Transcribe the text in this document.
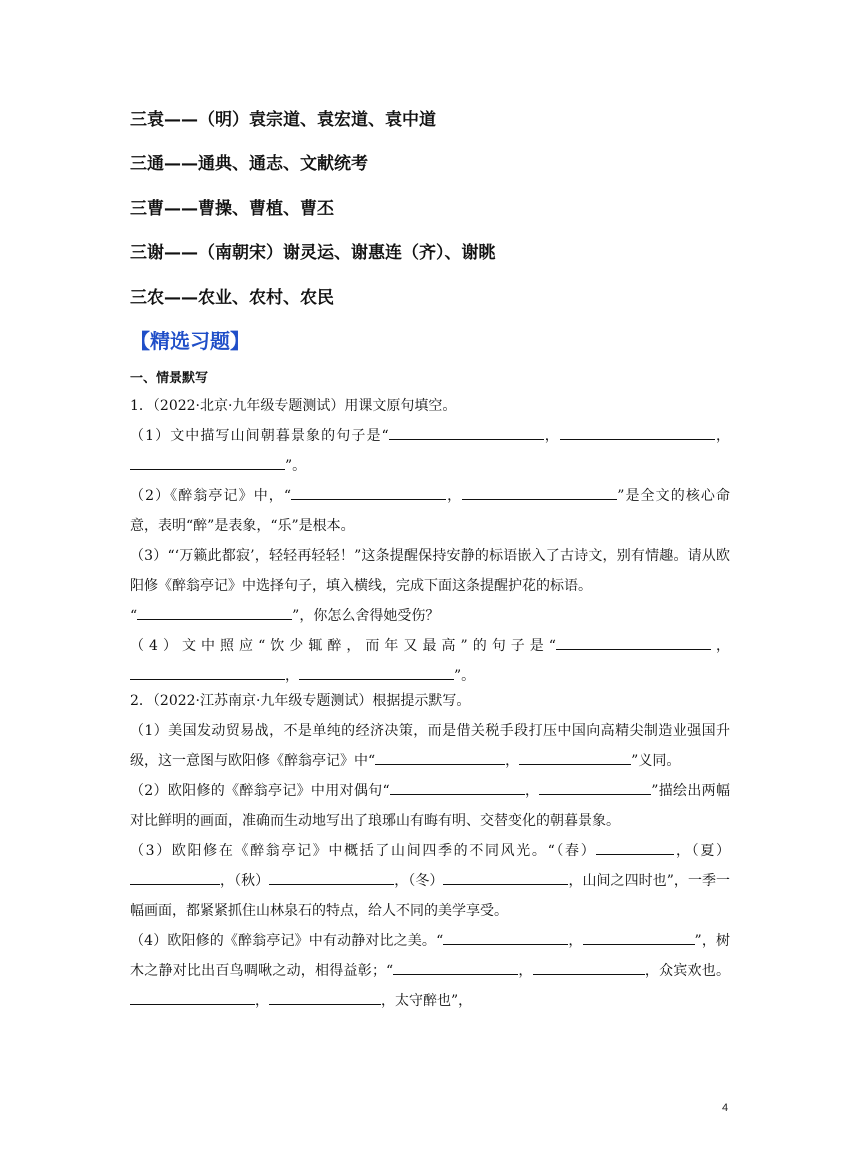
三袁——（明）袁宗道、袁宏道、袁中道
三通——通典、通志、文献统考
三曹——曹操、曹植、曹丕
三谢——（南朝宋）谢灵运、谢惠连（齐）、谢眺
三农——农业、农村、农民
【精选习题】
一、情景默写

1．（2022·北京·九年级专题测试）用课文原句填空。

（1）文中描写山间朝暮景象的句子是“	，	，”。

（2）《醉翁亭记》中，“	，	”是全文的核心命意，表明“醉”是表象，“乐”是根本。

（3）“‘万籁此都寂’，轻轻再轻轻！”这条提醒保持安静的标语嵌入了古诗文，别有情趣。请从欧阳修《醉翁亭记》中选择句子，填入横线，完成下面这条提醒护花的标语。

“	”，你怎么舍得她受伤？

（4）文中照应“饮少辄醉，而年又最高”的句子是“	，，	”。

2．（2022·江苏南京·九年级专题测试）根据提示默写。

（1）美国发动贸易战，不是单纯的经济决策，而是借关税手段打压中国向高精尖制造业强国升级，这一意图与欧阳修《醉翁亭记》中“	，	”义同。

（2）欧阳修的《醉翁亭记》中用对偶句“	，	”描绘出两幅对比鲜明的画面，准确而生动地写出了琅琊山有晦有明、交替变化的朝暮景象。

（3）欧阳修在《醉翁亭记》中概括了山间四季的不同风光。“（春）	，（夏），（秋）	，（冬）	，山间之四时也”，一季一幅画面，都紧紧抓住山林泉石的特点，给人不同的美学享受。

（4）欧阳修的《醉翁亭记》中有动静对比之美。“	，	”，树木之静对比出百鸟啁啾之动，相得益彰；“	，	，众宾欢也。，	，太守醉也”，

4
